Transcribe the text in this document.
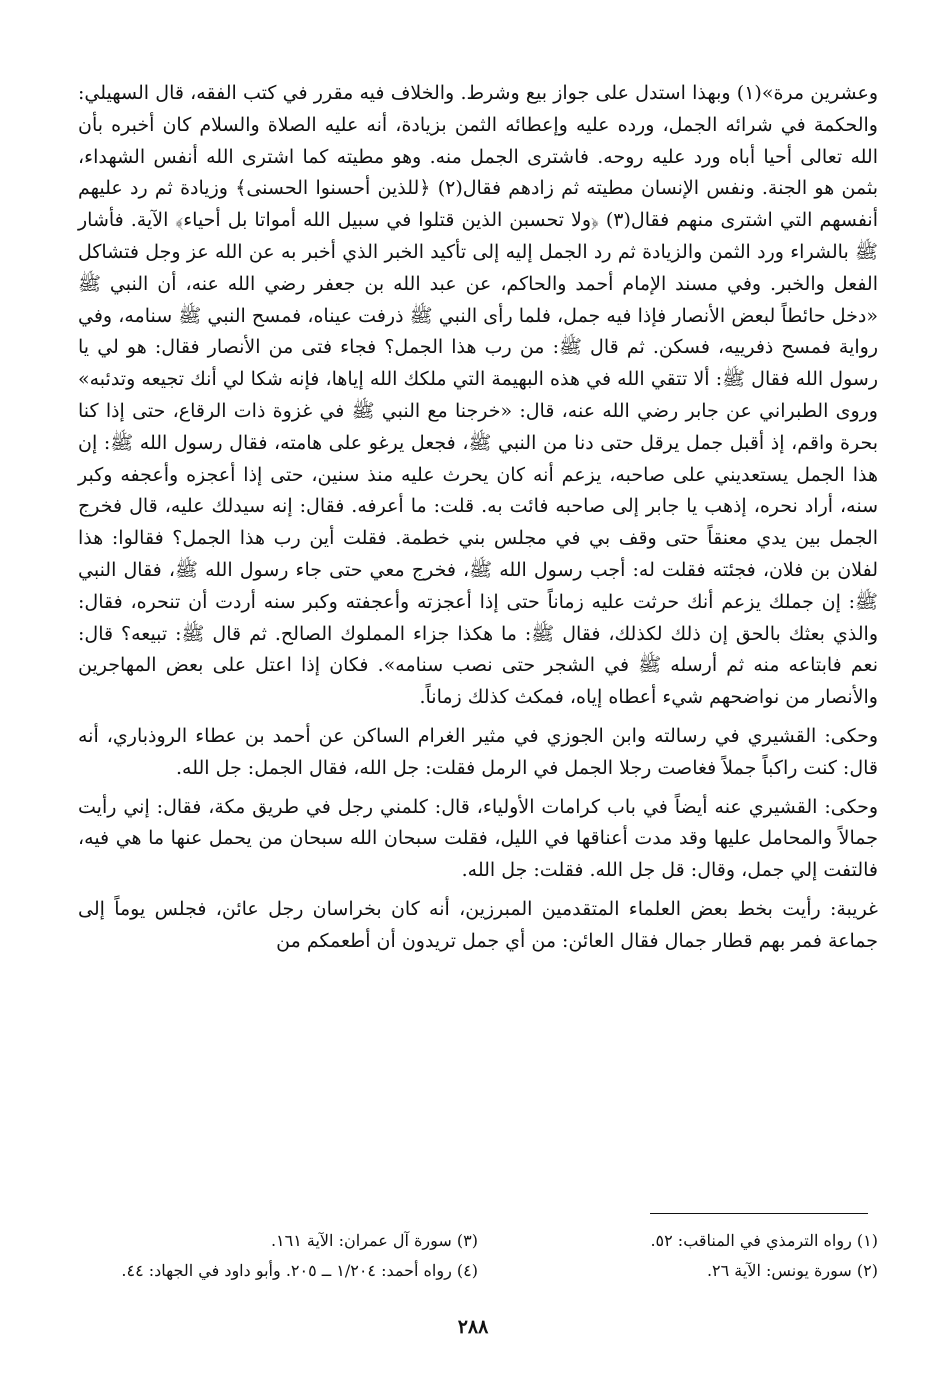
وعشرين مرة»(١) وبهذا استدل على جواز بيع وشرط. والخلاف فيه مقرر في كتب الفقه، قال السهيلي: والحكمة في شرائه الجمل، ورده عليه وإعطائه الثمن بزيادة، أنه عليه الصلاة والسلام كان أخبره بأن الله تعالى أحيا أباه ورد عليه روحه. فاشترى الجمل منه. وهو مطيته كما اشترى الله أنفس الشهداء، بثمن هو الجنة. ونفس الإنسان مطيته ثم زادهم فقال(٢) ﴿للذين أحسنوا الحسنى﴾ وزيادة ثم رد عليهم أنفسهم التي اشترى منهم فقال(٣) ﴿ولا تحسبن الذين قتلوا في سبيل الله أمواتا بل أحياء﴾ الآية. فأشار ﷺ بالشراء ورد الثمن والزيادة ثم رد الجمل إليه إلى تأكيد الخبر الذي أخبر به عن الله عز وجل فتشاكل الفعل والخبر. وفي مسند الإمام أحمد والحاكم، عن عبد الله بن جعفر رضي الله عنه، أن النبي ﷺ «دخل حائطاً لبعض الأنصار فإذا فيه جمل، فلما رأى النبي ﷺ ذرفت عيناه، فمسح النبي ﷺ سنامه، وفي رواية فمسح ذفرييه، فسكن. ثم قال ﷺ: من رب هذا الجمل؟ فجاء فتى من الأنصار فقال: هو لي يا رسول الله فقال ﷺ: ألا تتقي الله في هذه البهيمة التي ملكك الله إياها، فإنه شكا لي أنك تجيعه وتدئبه» وروى الطبراني عن جابر رضي الله عنه، قال: «خرجنا مع النبي ﷺ في غزوة ذات الرقاع، حتى إذا كنا بحرة واقم، إذ أقبل جمل يرقل حتى دنا من النبي ﷺ، فجعل يرغو على هامته، فقال رسول الله ﷺ: إن هذا الجمل يستعديني على صاحبه، يزعم أنه كان يحرث عليه منذ سنين، حتى إذا أعجزه وأعجفه وكبر سنه، أراد نحره، إذهب يا جابر إلى صاحبه فائت به. قلت: ما أعرفه. فقال: إنه سيدلك عليه، قال فخرج الجمل بين يدي معنقاً حتى وقف بي في مجلس بني خطمة. فقلت أين رب هذا الجمل؟ فقالوا: هذا لفلان بن فلان، فجئته فقلت له: أجب رسول الله ﷺ، فخرج معي حتى جاء رسول الله ﷺ، فقال النبي ﷺ: إن جملك يزعم أنك حرثت عليه زماناً حتى إذا أعجزته وأعجفته وكبر سنه أردت أن تنحره، فقال: والذي بعثك بالحق إن ذلك لكذلك، فقال ﷺ: ما هكذا جزاء المملوك الصالح. ثم قال ﷺ: تبيعه؟ قال: نعم فابتاعه منه ثم أرسله ﷺ في الشجر حتى نصب سنامه». فكان إذا اعتل على بعض المهاجرين والأنصار من نواضحهم شيء أعطاه إياه، فمكث كذلك زماناً.

وحكى: القشيري في رسالته وابن الجوزي في مثير الغرام الساكن عن أحمد بن عطاء الروذباري، أنه قال: كنت راكباً جملاً فغاصت رجلا الجمل في الرمل فقلت: جل الله، فقال الجمل: جل الله.

وحكى: القشيري عنه أيضاً في باب كرامات الأولياء، قال: كلمني رجل في طريق مكة، فقال: إني رأيت جمالاً والمحامل عليها وقد مدت أعناقها في الليل، فقلت سبحان الله سبحان من يحمل عنها ما هي فيه، فالتفت إلي جمل، وقال: قل جل الله. فقلت: جل الله.

غريبة: رأيت بخط بعض العلماء المتقدمين المبرزين، أنه كان بخراسان رجل عائن، فجلس يوماً إلى جماعة فمر بهم قطار جمال فقال العائن: من أي جمل تريدون أن أطعمكم من

(١) رواه الترمذي في المناقب: ٥٢.
(٣) سورة آل عمران: الآية ١٦١.
(٢) سورة يونس: الآية ٢٦.
(٤) رواه أحمد: ١/٢٠٤ ــ ٢٠٥. وأبو داود في الجهاد: ٤٤.
٢٨٨
